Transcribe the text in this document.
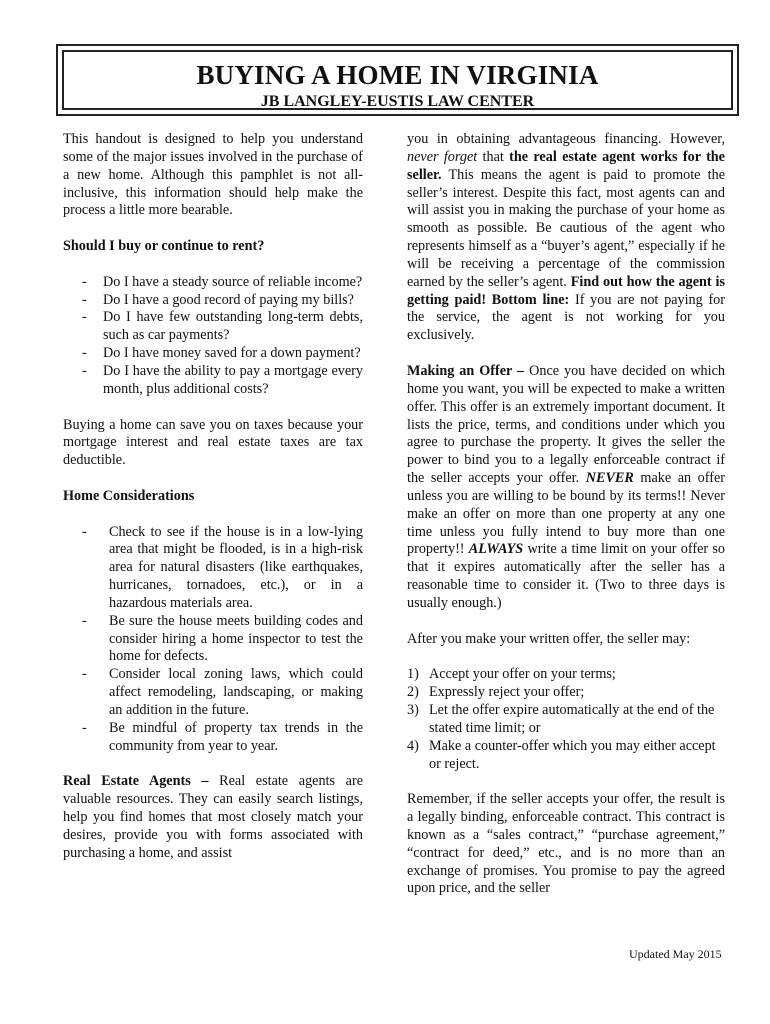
BUYING A HOME IN VIRGINIA
JB LANGLEY-EUSTIS LAW CENTER

This handout is designed to help you understand some of the major issues involved in the purchase of a new home. Although this pamphlet is not all-inclusive, this information should help make the process a little more bearable.

Should I buy or continue to rent?

- Do I have a steady source of reliable income?
- Do I have a good record of paying my bills?
- Do I have few outstanding long-term debts, such as car payments?
- Do I have money saved for a down payment?
- Do I have the ability to pay a mortgage every month, plus additional costs?

Buying a home can save you on taxes because your mortgage interest and real estate taxes are tax deductible.

Home Considerations

- Check to see if the house is in a low-lying area that might be flooded, is in a high-risk area for natural disasters (like earthquakes, hurricanes, tornadoes, etc.), or in a hazardous materials area.
- Be sure the house meets building codes and consider hiring a home inspector to test the home for defects.
- Consider local zoning laws, which could affect remodeling, landscaping, or making an addition in the future.
- Be mindful of property tax trends in the community from year to year.

Real Estate Agents – Real estate agents are valuable resources. They can easily search listings, help you find homes that most closely match your desires, provide you with forms associated with purchasing a home, and assist

you in obtaining advantageous financing. However, never forget that the real estate agent works for the seller. This means the agent is paid to promote the seller’s interest. Despite this fact, most agents can and will assist you in making the purchase of your home as smooth as possible. Be cautious of the agent who represents himself as a “buyer’s agent,” especially if he will be receiving a percentage of the commission earned by the seller’s agent. Find out how the agent is getting paid! Bottom line: If you are not paying for the service, the agent is not working for you exclusively.

Making an Offer – Once you have decided on which home you want, you will be expected to make a written offer. This offer is an extremely important document. It lists the price, terms, and conditions under which you agree to purchase the property. It gives the seller the power to bind you to a legally enforceable contract if the seller accepts your offer. NEVER make an offer unless you are willing to be bound by its terms!! Never make an offer on more than one property at any one time unless you fully intend to buy more than one property!! ALWAYS write a time limit on your offer so that it expires automatically after the seller has a reasonable time to consider it. (Two to three days is usually enough.)

After you make your written offer, the seller may:

1) Accept your offer on your terms;
2) Expressly reject your offer;
3) Let the offer expire automatically at the end of the stated time limit; or
4) Make a counter-offer which you may either accept or reject.

Remember, if the seller accepts your offer, the result is a legally binding, enforceable contract. This contract is known as a “sales contract,” “purchase agreement,” “contract for deed,” etc., and is no more than an exchange of promises. You promise to pay the agreed upon price, and the seller

Updated May 2015
